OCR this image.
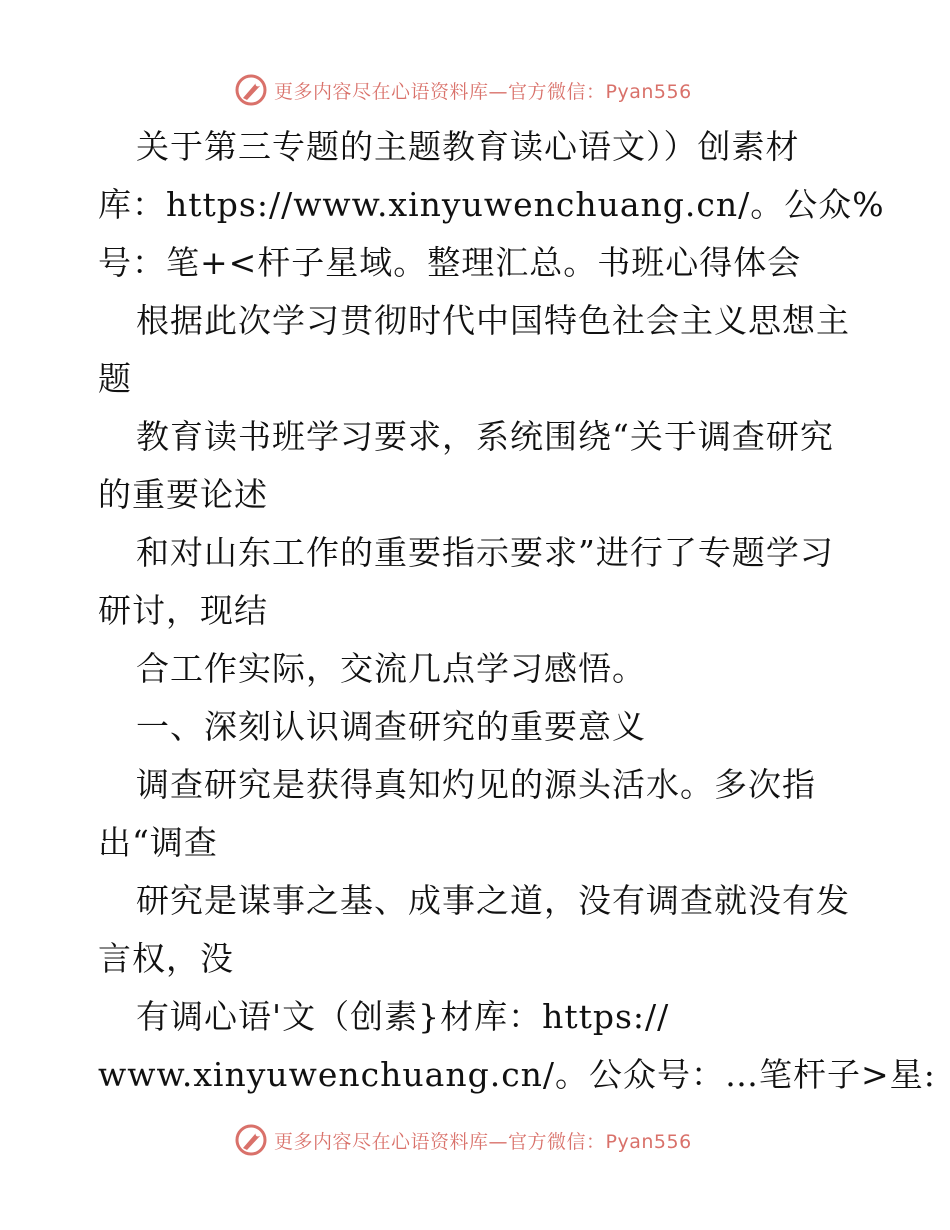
更多内容尽在心语资料库—官方微信：Pyan556
关于第三专题的主题教育读心语文））创素材
库：https://www.xinyuwenchuang.cn/。公众%
号：笔+<杆子星域。整理汇总。书班心得体会
根据此次学习贯彻时代中国特色社会主义思想主
题
教育读书班学习要求，系统围绕“关于调查研究
的重要论述
和对山东工作的重要指示要求”进行了专题学习
研讨，现结
合工作实际，交流几点学习感悟。
一、深刻认识调查研究的重要意义
调查研究是获得真知灼见的源头活水。多次指
出“调查
研究是谋事之基、成事之道，没有调查就没有发
言权，没
有调心语'文（创素}材库：https://
www.xinyuwenchuang.cn/。公众号：…笔杆子>星:
更多内容尽在心语资料库—官方微信：Pyan556
